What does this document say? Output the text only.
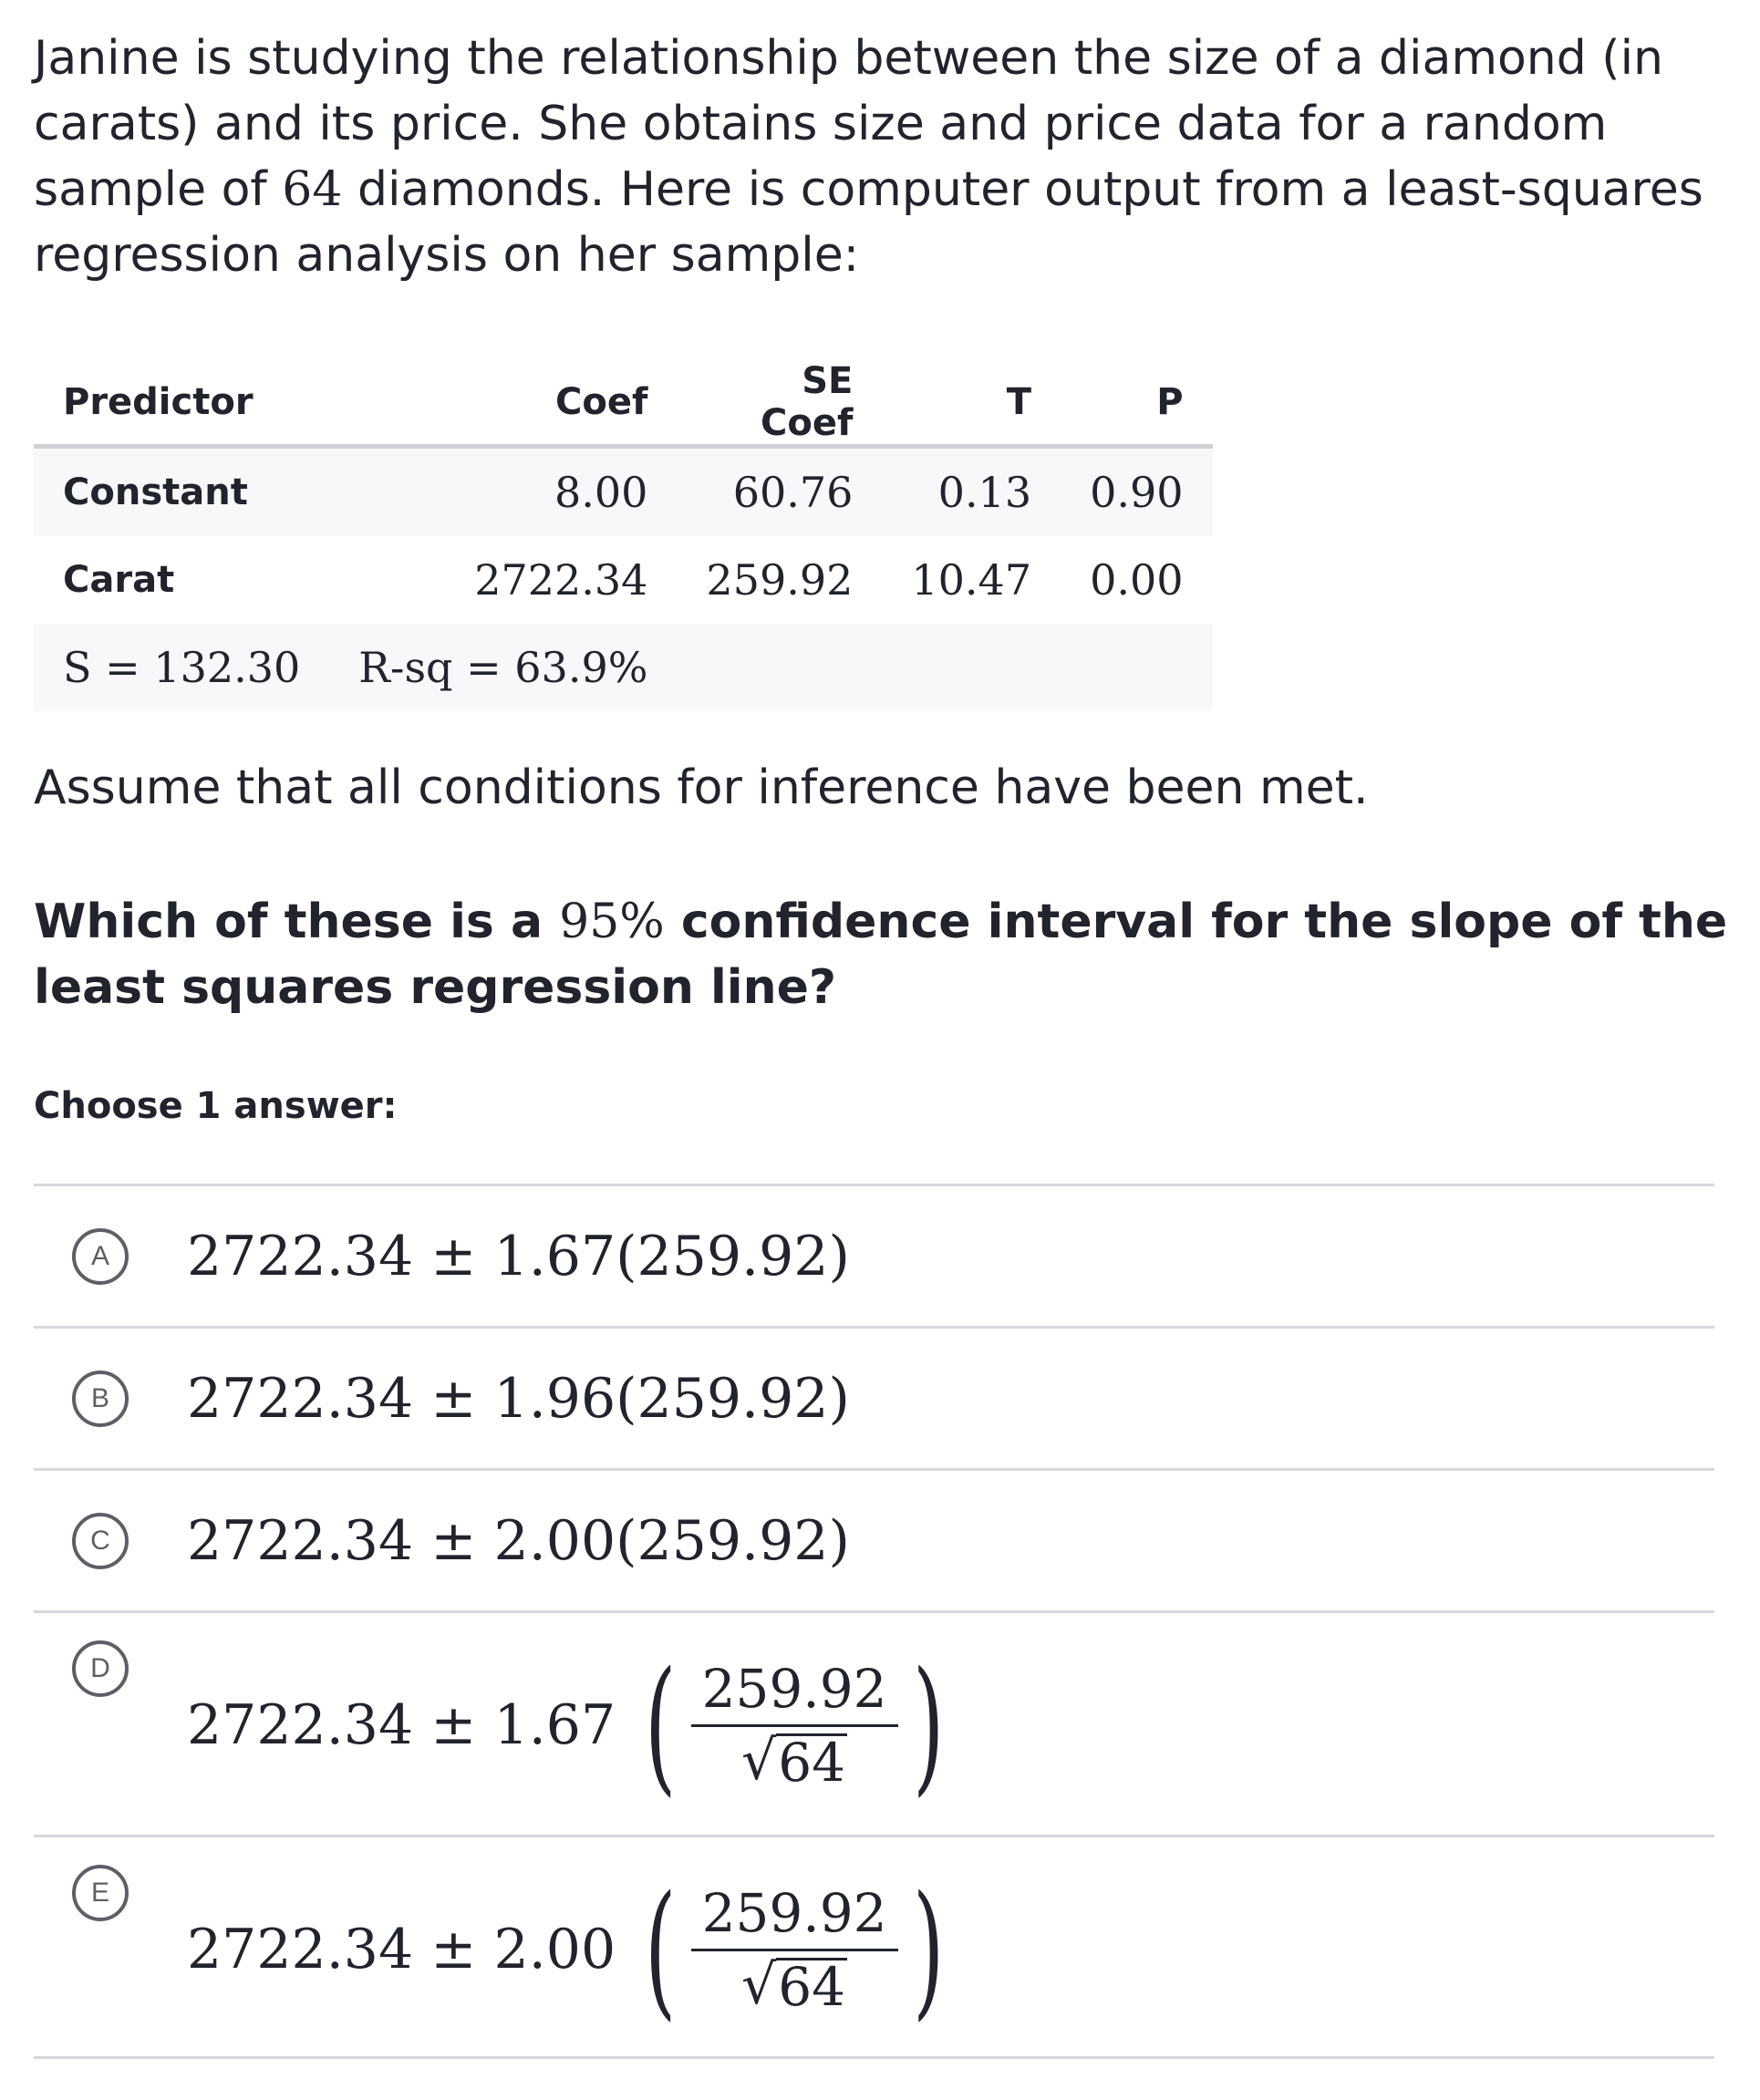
Janine is studying the relationship between the size of a diamond (in carats) and its price. She obtains size and price data for a random sample of 64 diamonds. Here is computer output from a least-squares regression analysis on her sample:

Predictor	Coef	SE Coef	T	P
Constant	8.00	60.76	0.13	0.90
Carat	2722.34	259.92	10.47	0.00
S = 132.30 R-sq = 63.9%				

Assume that all conditions for inference have been met.

Which of these is a 95% confidence interval for the slope of the least squares regression line?

Choose 1 answer:

A	2722.34 ± 1.67(259.92)
B	2722.34 ± 1.96(259.92)
C	2722.34 ± 2.00(259.92)
D
2722.34 ± 1.67 ( $\frac{259.92}{√ 64}$ )
E
2722.34 ± 2.00 ( $\frac{259.92}{√ 64}$ )
